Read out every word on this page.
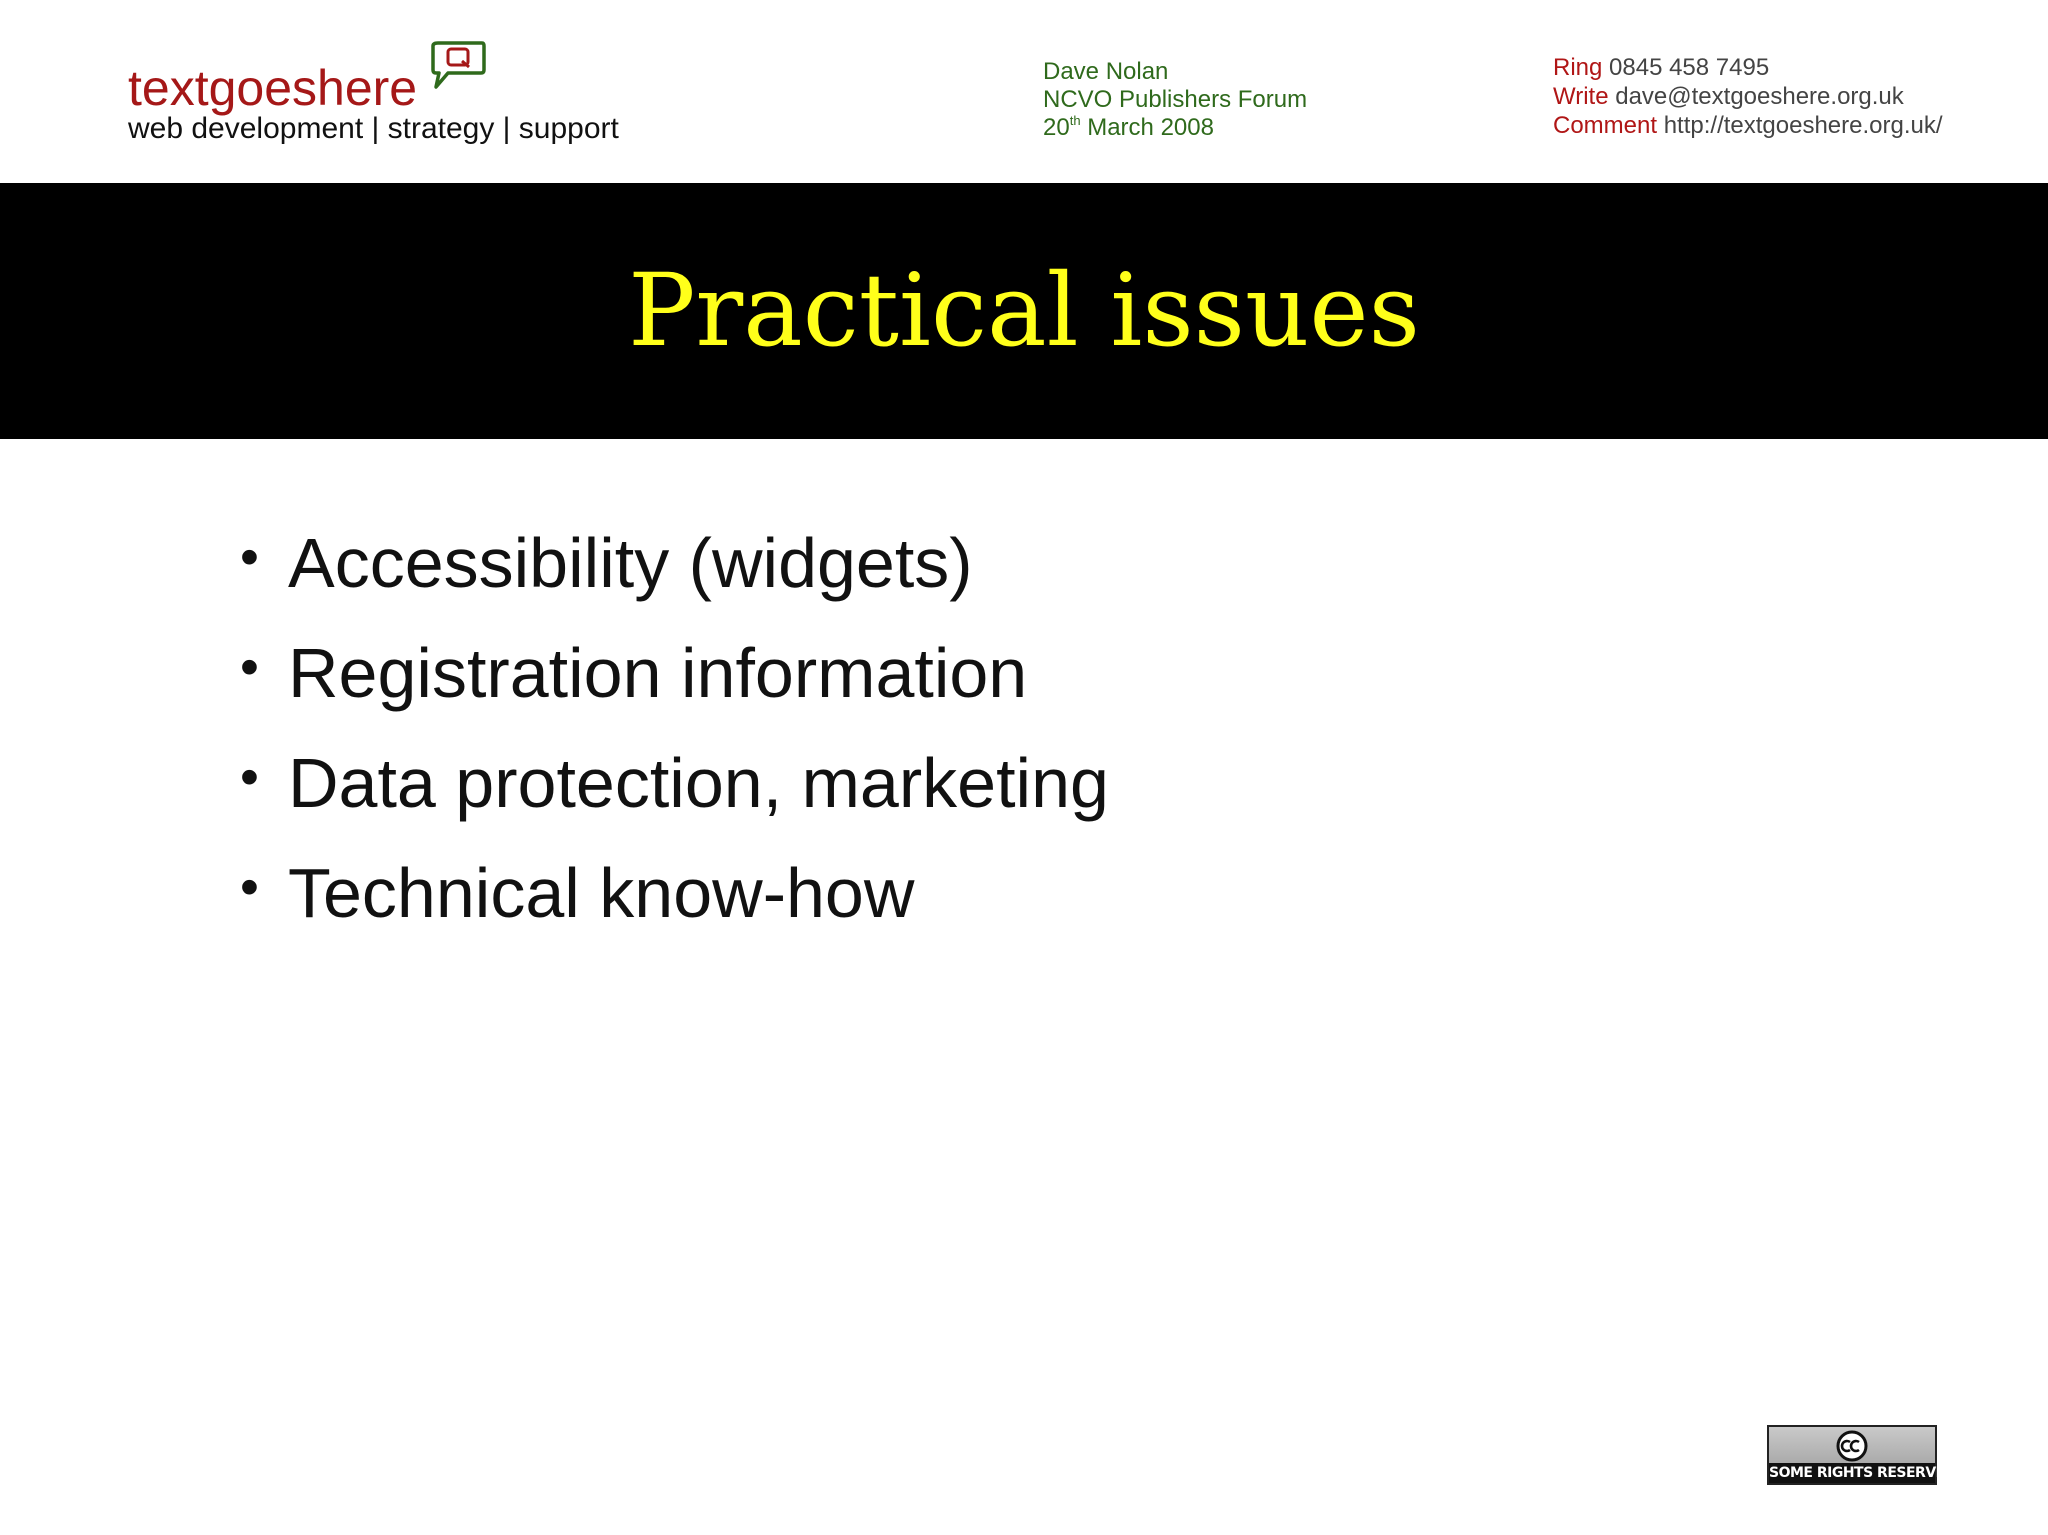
textgoeshere
web development | strategy | support
Dave Nolan
NCVO Publishers Forum
20th March 2008
Ring 0845 458 7495
Write dave@textgoeshere.org.uk
Comment http://textgoeshere.org.uk/
Practical issues
• Accessibility (widgets)
• Registration information
• Data protection, marketing
• Technical know-how
SOME RIGHTS RESERVED
